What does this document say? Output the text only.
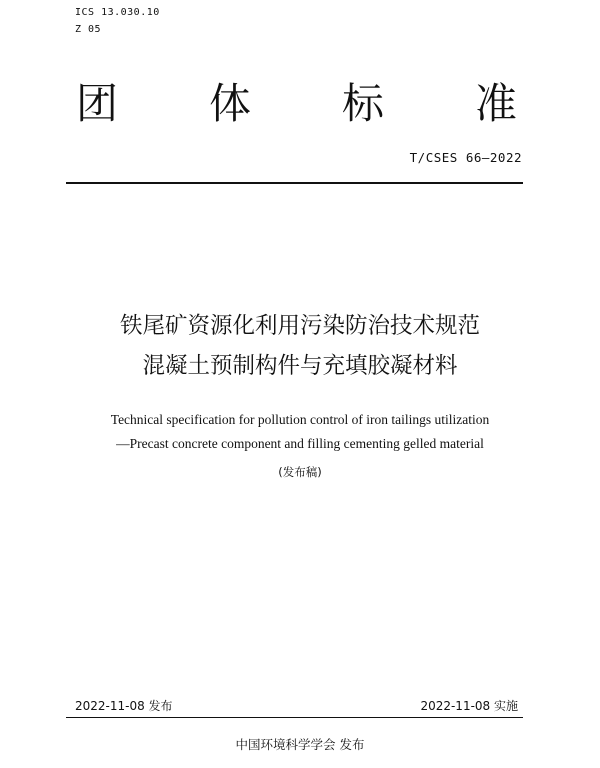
ICS 13.030.10
Z 05
团 体 标 准
T/CSES 66—2022
铁尾矿资源化利用污染防治技术规范
混凝土预制构件与充填胶凝材料
Technical specification for pollution control of iron tailings utilization
—Precast concrete component and filling cementing gelled material
(发布稿)
2022-11-08 发布	2022-11-08 实施
中国环境科学学会 发布
